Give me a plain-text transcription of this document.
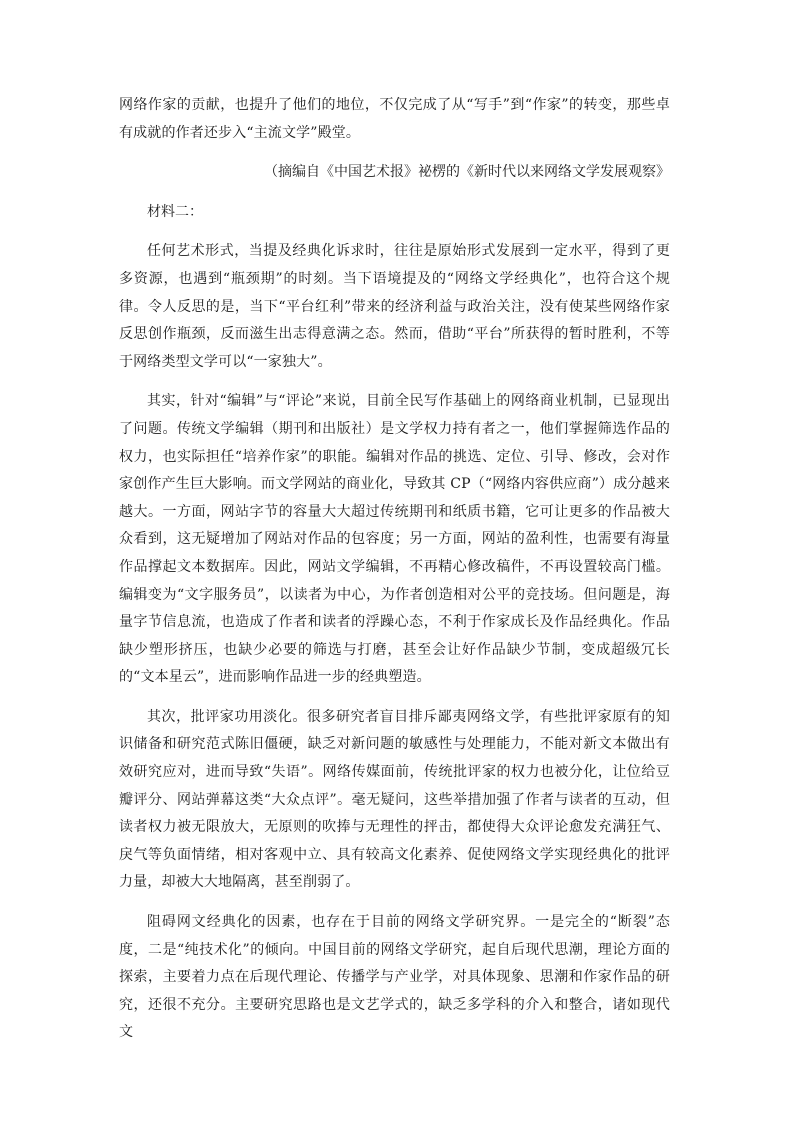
网络作家的贡献，也提升了他们的地位，不仅完成了从“写手”到“作家”的转变，那些卓有成就的作者还步入“主流文学”殿堂。

（摘编自《中国艺术报》袐楞的《新时代以来网络文学发展观察》

材料二：

任何艺术形式，当提及经典化诉求时，往往是原始形式发展到一定水平，得到了更多资源，也遇到“瓶颈期”的时刻。当下语境提及的“网络文学经典化”，也符合这个规律。令人反思的是，当下“平台红利”带来的经济利益与政治关注，没有使某些网络作家反思创作瓶颈，反而滋生出志得意满之态。然而，借助“平台”所获得的暂时胜利，不等于网络类型文学可以“一家独大”。

其实，针对“编辑”与“评论”来说，目前全民写作基础上的网络商业机制，已显现出了问题。传统文学编辑（期刊和出版社）是文学权力持有者之一，他们掌握筛选作品的权力，也实际担任“培养作家”的职能。编辑对作品的挑选、定位、引导、修改，会对作家创作产生巨大影响。而文学网站的商业化，导致其 CP（“网络内容供应商”）成分越来越大。一方面，网站字节的容量大大超过传统期刊和纸质书籍，它可让更多的作品被大众看到，这无疑增加了网站对作品的包容度；另一方面，网站的盈利性，也需要有海量作品撑起文本数据库。因此，网站文学编辑，不再精心修改稿件，不再设置较高门槛。编辑变为“文字服务员”，以读者为中心，为作者创造相对公平的竞技场。但问题是，海量字节信息流，也造成了作者和读者的浮躁心态，不利于作家成长及作品经典化。作品缺少塑形挤压，也缺少必要的筛选与打磨，甚至会让好作品缺少节制，变成超级冗长的“文本星云”，进而影响作品进一步的经典塑造。

其次，批评家功用淡化。很多研究者盲目排斥鄙夷网络文学，有些批评家原有的知识储备和研究范式陈旧僵硬，缺乏对新问题的敏感性与处理能力，不能对新文本做出有效研究应对，进而导致“失语”。网络传媒面前，传统批评家的权力也被分化，让位给豆瓣评分、网站弹幕这类“大众点评”。毫无疑问，这些举措加强了作者与读者的互动，但读者权力被无限放大，无原则的吹捧与无理性的抨击，都使得大众评论愈发充满狂气、戾气等负面情绪，相对客观中立、具有较高文化素养、促使网络文学实现经典化的批评力量，却被大大地隔离，甚至削弱了。

阻碍网文经典化的因素，也存在于目前的网络文学研究界。一是完全的“断裂”态度，二是“纯技术化”的倾向。中国目前的网络文学研究，起自后现代思潮，理论方面的探索，主要着力点在后现代理论、传播学与产业学，对具体现象、思潮和作家作品的研究，还很不充分。主要研究思路也是文艺学式的，缺乏多学科的介入和整合，诸如现代文
